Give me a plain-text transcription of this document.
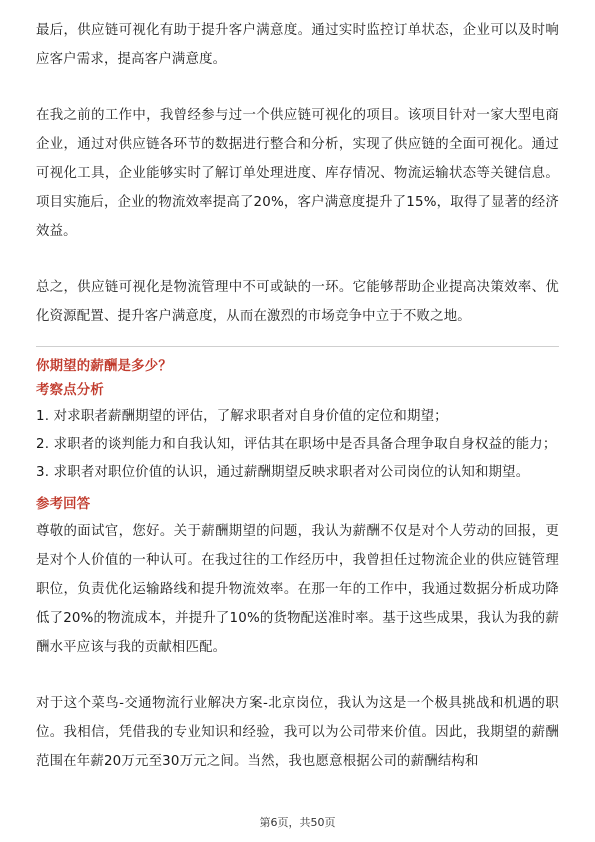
最后，供应链可视化有助于提升客户满意度。通过实时监控订单状态，企业可以及时响应客户需求，提高客户满意度。

在我之前的工作中，我曾经参与过一个供应链可视化的项目。该项目针对一家大型电商企业，通过对供应链各环节的数据进行整合和分析，实现了供应链的全面可视化。通过可视化工具，企业能够实时了解订单处理进度、库存情况、物流运输状态等关键信息。项目实施后，企业的物流效率提高了20%，客户满意度提升了15%，取得了显著的经济效益。

总之，供应链可视化是物流管理中不可或缺的一环。它能够帮助企业提高决策效率、优化资源配置、提升客户满意度，从而在激烈的市场竞争中立于不败之地。

你期望的薪酬是多少？

考察点分析

1. 对求职者薪酬期望的评估，了解求职者对自身价值的定位和期望；
2. 求职者的谈判能力和自我认知，评估其在职场中是否具备合理争取自身权益的能力；
3. 求职者对职位价值的认识，通过薪酬期望反映求职者对公司岗位的认知和期望。

参考回答

尊敬的面试官，您好。关于薪酬期望的问题，我认为薪酬不仅是对个人劳动的回报，更是对个人价值的一种认可。在我过往的工作经历中，我曾担任过物流企业的供应链管理职位，负责优化运输路线和提升物流效率。在那一年的工作中，我通过数据分析成功降低了20%的物流成本，并提升了10%的货物配送准时率。基于这些成果，我认为我的薪酬水平应该与我的贡献相匹配。

对于这个菜鸟-交通物流行业解决方案-北京岗位，我认为这是一个极具挑战和机遇的职位。我相信，凭借我的专业知识和经验，我可以为公司带来价值。因此，我期望的薪酬范围在年薪20万元至30万元之间。当然，我也愿意根据公司的薪酬结构和

第6页，共50页
